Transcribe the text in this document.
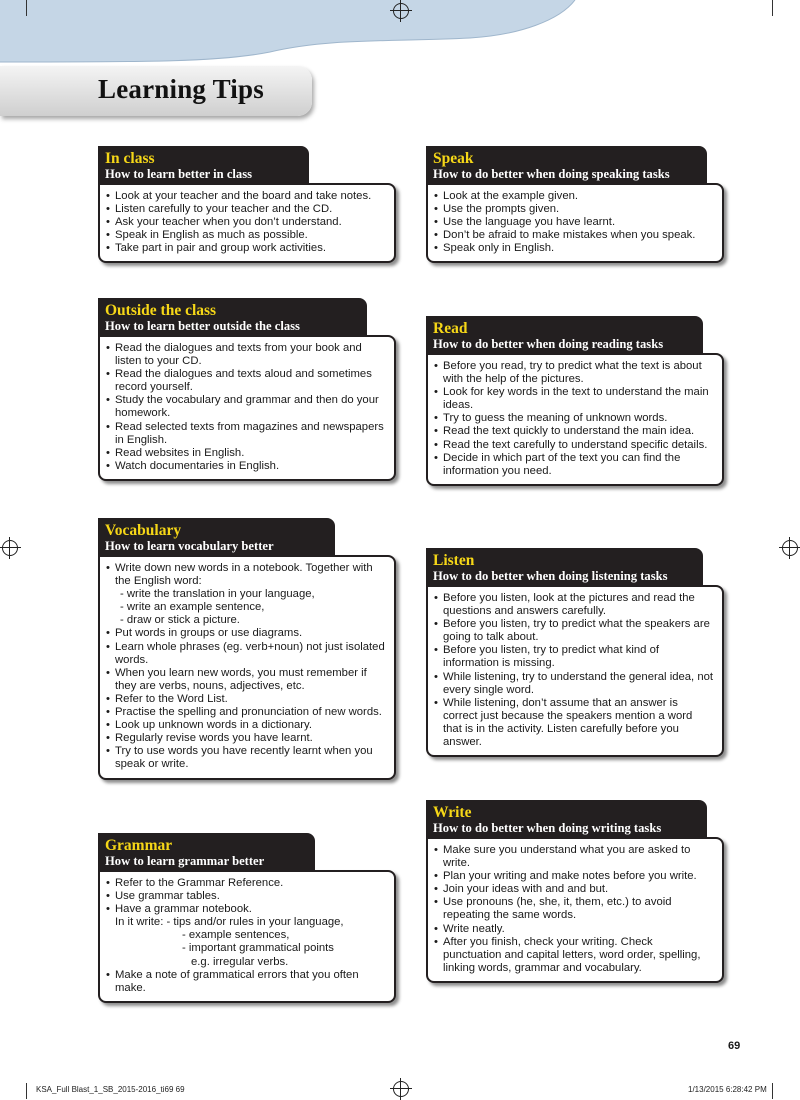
Learning Tips
In class
How to learn better in class
• Look at your teacher and the board and take notes.
• Listen carefully to your teacher and the CD.
• Ask your teacher when you don’t understand.
• Speak in English as much as possible.
• Take part in pair and group work activities.
Outside the class
How to learn better outside the class
• Read the dialogues and texts from your book and listen to your CD.
• Read the dialogues and texts aloud and sometimes record yourself.
• Study the vocabulary and grammar and then do your homework.
• Read selected texts from magazines and newspapers in English.
• Read websites in English.
• Watch documentaries in English.
Vocabulary
How to learn vocabulary better
• Write down new words in a notebook. Together with the English word:
- write the translation in your language,
- write an example sentence,
- draw or stick a picture.
• Put words in groups or use diagrams.
• Learn whole phrases (eg. verb+noun) not just isolated words.
• When you learn new words, you must remember if they are verbs, nouns, adjectives, etc.
• Refer to the Word List.
• Practise the spelling and pronunciation of new words.
• Look up unknown words in a dictionary.
• Regularly revise words you have learnt.
• Try to use words you have recently learnt when you speak or write.
Grammar
How to learn grammar better
• Refer to the Grammar Reference.
• Use grammar tables.
• Have a grammar notebook.
In it write: - tips and/or rules in your language,
- example sentences,
- important grammatical points
e.g. irregular verbs.
• Make a note of grammatical errors that you often make.
Speak
How to do better when doing speaking tasks
• Look at the example given.
• Use the prompts given.
• Use the language you have learnt.
• Don’t be afraid to make mistakes when you speak.
• Speak only in English.
Read
How to do better when doing reading tasks
• Before you read, try to predict what the text is about with the help of the pictures.
• Look for key words in the text to understand the main ideas.
• Try to guess the meaning of unknown words.
• Read the text quickly to understand the main idea.
• Read the text carefully to understand specific details.
• Decide in which part of the text you can find the information you need.
Listen
How to do better when doing listening tasks
• Before you listen, look at the pictures and read the questions and answers carefully.
• Before you listen, try to predict what the speakers are going to talk about.
• Before you listen, try to predict what kind of information is missing.
• While listening, try to understand the general idea, not every single word.
• While listening, don’t assume that an answer is correct just because the speakers mention a word that is in the activity. Listen carefully before you answer.
Write
How to do better when doing writing tasks
• Make sure you understand what you are asked to write.
• Plan your writing and make notes before you write.
• Join your ideas with and and but.
• Use pronouns (he, she, it, them, etc.) to avoid repeating the same words.
• Write neatly.
• After you finish, check your writing. Check punctuation and capital letters, word order, spelling, linking words, grammar and vocabulary.
69
KSA_Full Blast_1_SB_2015-2016_ti69 69	1/13/2015 6:28:42 PM
